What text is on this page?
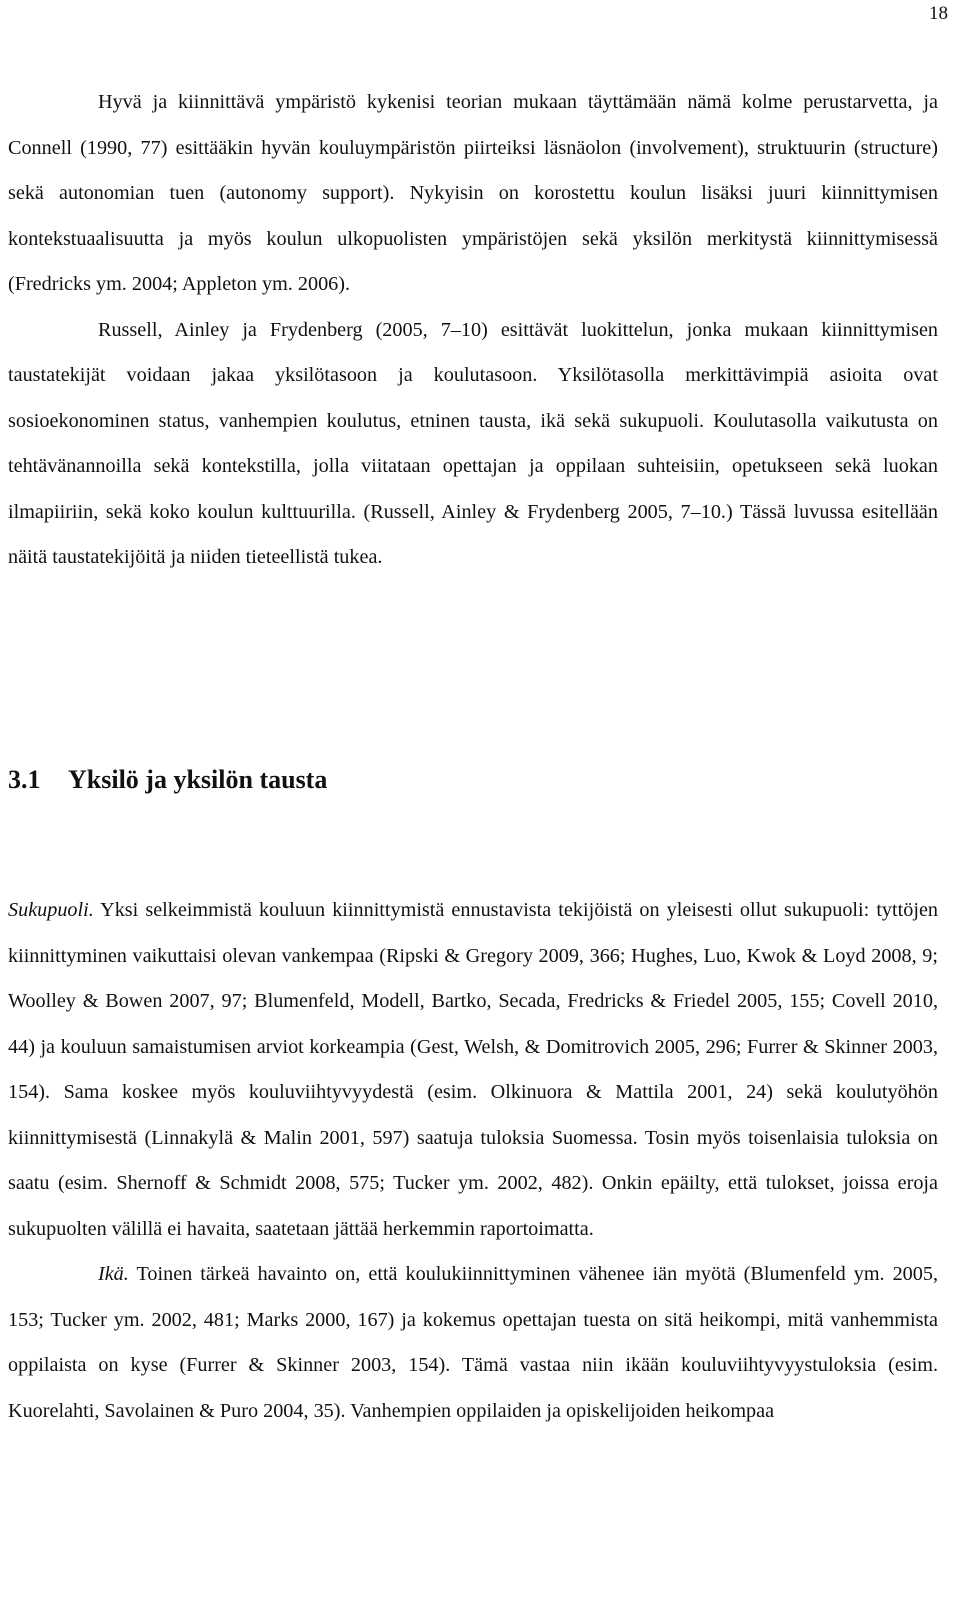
18

Hyvä ja kiinnittävä ympäristö kykenisi teorian mukaan täyttämään nämä kolme perustarvetta, ja Connell (1990, 77) esittääkin hyvän kouluympäristön piirteiksi läsnäolon (involvement), struktuurin (structure) sekä autonomian tuen (autonomy support). Nykyisin on korostettu koulun lisäksi juuri kiinnittymisen kontekstuaalisuutta ja myös koulun ulkopuolisten ympäristöjen sekä yksilön merkitystä kiinnittymisessä (Fredricks ym. 2004; Appleton ym. 2006).

Russell, Ainley ja Frydenberg (2005, 7–10) esittävät luokittelun, jonka mukaan kiinnittymisen taustatekijät voidaan jakaa yksilötasoon ja koulutasoon. Yksilötasolla merkittävimpiä asioita ovat sosioekonominen status, vanhempien koulutus, etninen tausta, ikä sekä sukupuoli. Koulutasolla vaikutusta on tehtävänannoilla sekä kontekstilla, jolla viitataan opettajan ja oppilaan suhteisiin, opetukseen sekä luokan ilmapiiriin, sekä koko koulun kulttuurilla. (Russell, Ainley & Frydenberg 2005, 7–10.) Tässä luvussa esitellään näitä taustatekijöitä ja niiden tieteellistä tukea.

3.1 Yksilö ja yksilön tausta

Sukupuoli. Yksi selkeimmistä kouluun kiinnittymistä ennustavista tekijöistä on yleisesti ollut sukupuoli: tyttöjen kiinnittyminen vaikuttaisi olevan vankempaa (Ripski & Gregory 2009, 366; Hughes, Luo, Kwok & Loyd 2008, 9; Woolley & Bowen 2007, 97; Blumenfeld, Modell, Bartko, Secada, Fredricks & Friedel 2005, 155; Covell 2010, 44) ja kouluun samaistumisen arviot korkeampia (Gest, Welsh, & Domitrovich 2005, 296; Furrer & Skinner 2003, 154). Sama koskee myös kouluviihtyvyydestä (esim. Olkinuora & Mattila 2001, 24) sekä koulutyöhön kiinnittymisestä (Linnakylä & Malin 2001, 597) saatuja tuloksia Suomessa. Tosin myös toisenlaisia tuloksia on saatu (esim. Shernoff & Schmidt 2008, 575; Tucker ym. 2002, 482). Onkin epäilty, että tulokset, joissa eroja sukupuolten välillä ei havaita, saatetaan jättää herkemmin raportoimatta.

Ikä. Toinen tärkeä havainto on, että koulukiinnittyminen vähenee iän myötä (Blumenfeld ym. 2005, 153; Tucker ym. 2002, 481; Marks 2000, 167) ja kokemus opettajan tuesta on sitä heikompi, mitä vanhemmista oppilaista on kyse (Furrer & Skinner 2003, 154). Tämä vastaa niin ikään kouluviihtyvyystuloksia (esim. Kuorelahti, Savolainen & Puro 2004, 35). Vanhempien oppilaiden ja opiskelijoiden heikompaa
